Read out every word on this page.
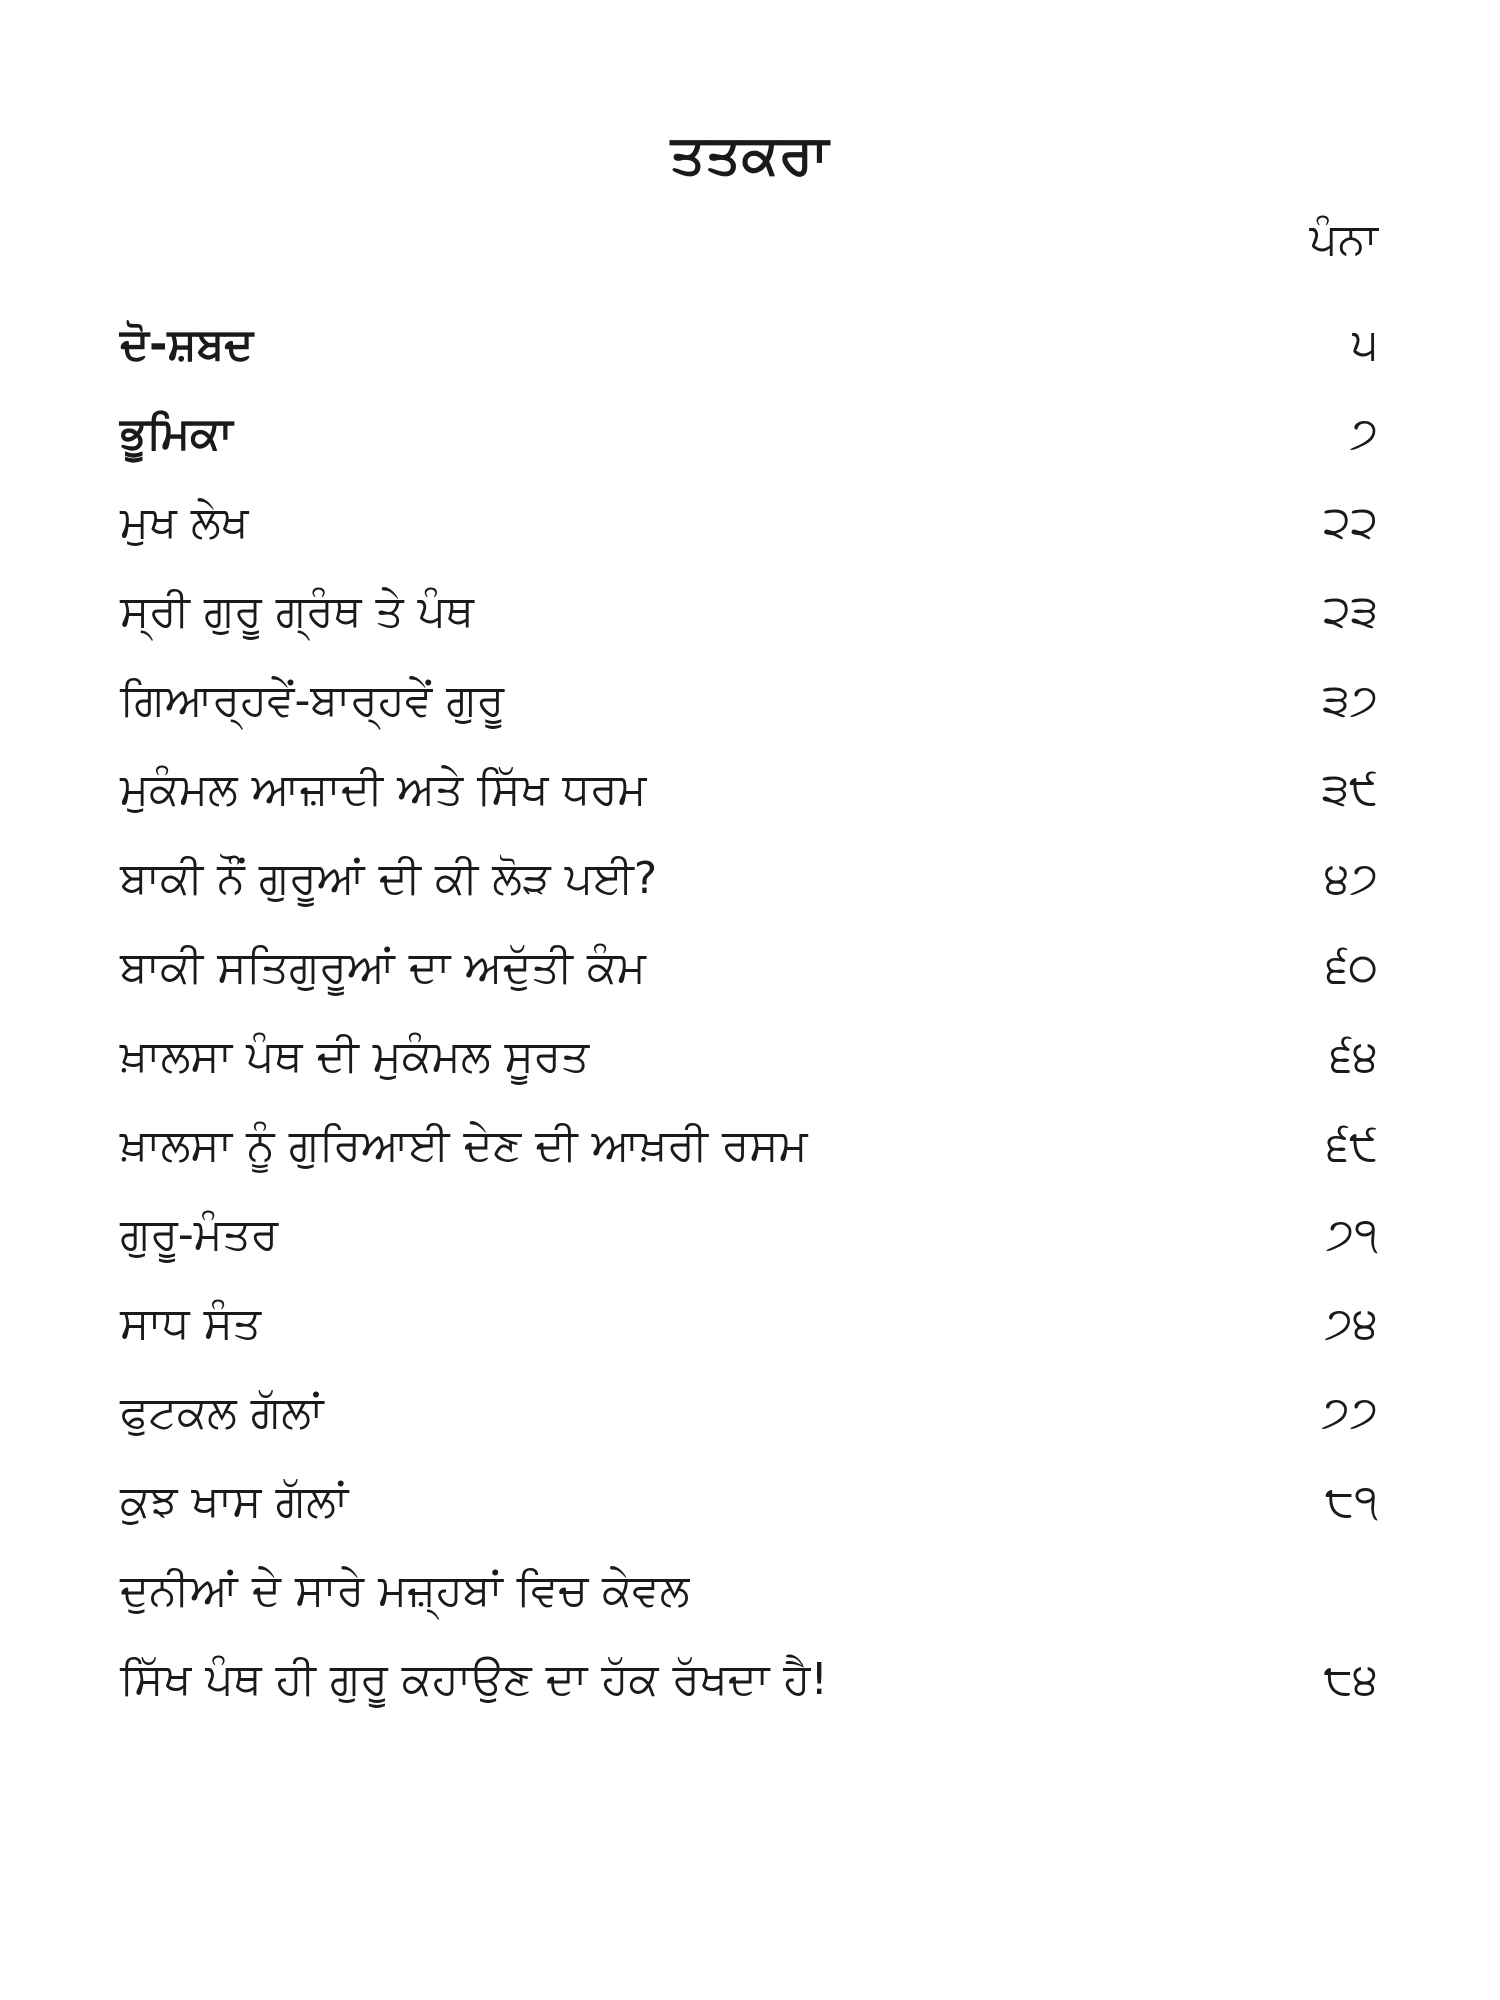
ਤਤਕਰਾ
ਪੰਨਾ
ਦੋ-ਸ਼ਬਦ	੫
ਭੂਮਿਕਾ	੭
ਮੁਖ ਲੇਖ	੨੨
ਸ੍ਰੀ ਗੁਰੂ ਗ੍ਰੰਥ ਤੇ ਪੰਥ	੨੩
ਗਿਆਰ੍ਹਵੇਂ-ਬਾਰ੍ਹਵੇਂ ਗੁਰੂ	੩੭
ਮੁਕੰਮਲ ਆਜ਼ਾਦੀ ਅਤੇ ਸਿੱਖ ਧਰਮ	੩੯
ਬਾਕੀ ਨੌਂ ਗੁਰੂਆਂ ਦੀ ਕੀ ਲੋੜ ਪਈ?	੪੭
ਬਾਕੀ ਸਤਿਗੁਰੂਆਂ ਦਾ ਅਦੁੱਤੀ ਕੰਮ	੬੦
ਖ਼ਾਲਸਾ ਪੰਥ ਦੀ ਮੁਕੰਮਲ ਸੂਰਤ	੬੪
ਖ਼ਾਲਸਾ ਨੂੰ ਗੁਰਿਆਈ ਦੇਣ ਦੀ ਆਖ਼ਰੀ ਰਸਮ	੬੯
ਗੁਰੂ-ਮੰਤਰ	੭੧
ਸਾਧ ਸੰਤ	੭੪
ਫੁਟਕਲ ਗੱਲਾਂ	੭੭
ਕੁਝ ਖਾਸ ਗੱਲਾਂ	੮੧
ਦੁਨੀਆਂ ਦੇ ਸਾਰੇ ਮਜ਼੍ਹਬਾਂ ਵਿਚ ਕੇਵਲ
ਸਿੱਖ ਪੰਥ ਹੀ ਗੁਰੂ ਕਹਾਉਣ ਦਾ ਹੱਕ ਰੱਖਦਾ ਹੈ!	੮੪
